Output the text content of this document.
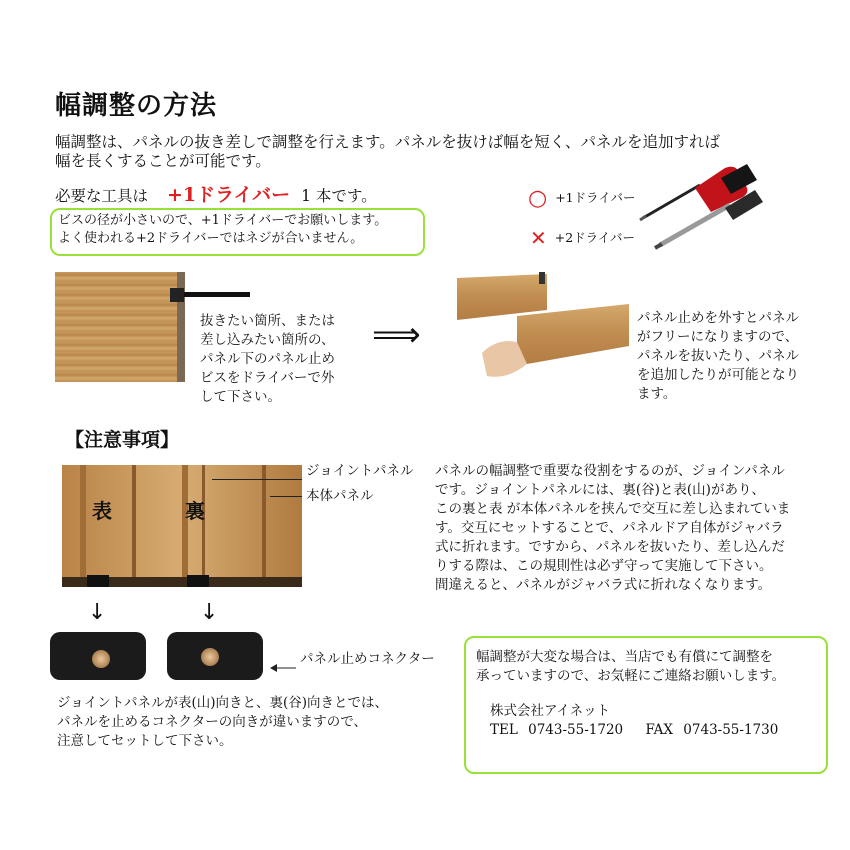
幅調整の方法
幅調整は、パネルの抜き差しで調整を行えます。パネルを抜けば幅を短く、パネルを追加すれば
幅を長くすることが可能です。
必要な工具は +1ドライバー 1 本です。
ビスの径が小さいので、+1ドライバーでお願いします。
よく使われる+2ドライバーではネジが合いません。
○ +1ドライバー
✕ +2ドライバー
抜きたい箇所、または
差し込みたい箇所の、
パネル下のパネル止め
ビスをドライバーで外
して下さい。
⟹	パネル止めを外すとパネル
がフリーになりますので、
パネルを抜いたり、パネル
を追加したりが可能となり
ます。
【注意事項】
表	裏
ジョイントパネル
本体パネル
パネルの幅調整で重要な役割をするのが、ジョインパネル
です。ジョイントパネルには、裏(谷)と表(山)があり、
この裏と表 が本体パネルを挟んで交互に差し込まれていま
す。交互にセットすることで、パネルドア自体がジャバラ
式に折れます。ですから、パネルを抜いたり、差し込んだ
りする際は、この規則性は必ず守って実施して下さい。
間違えると、パネルがジャバラ式に折れなくなります。
↓	↓
パネル止めコネクター
ジョイントパネルが表(山)向きと、裏(谷)向きとでは、
パネルを止めるコネクターの向きが違いますので、
注意してセットして下さい。
幅調整が大変な場合は、当店でも有償にて調整を
承っていますので、お気軽にご連絡お願いします。
株式会社アイネット
TEL 0743-55-1720 FAX 0743-55-1730
